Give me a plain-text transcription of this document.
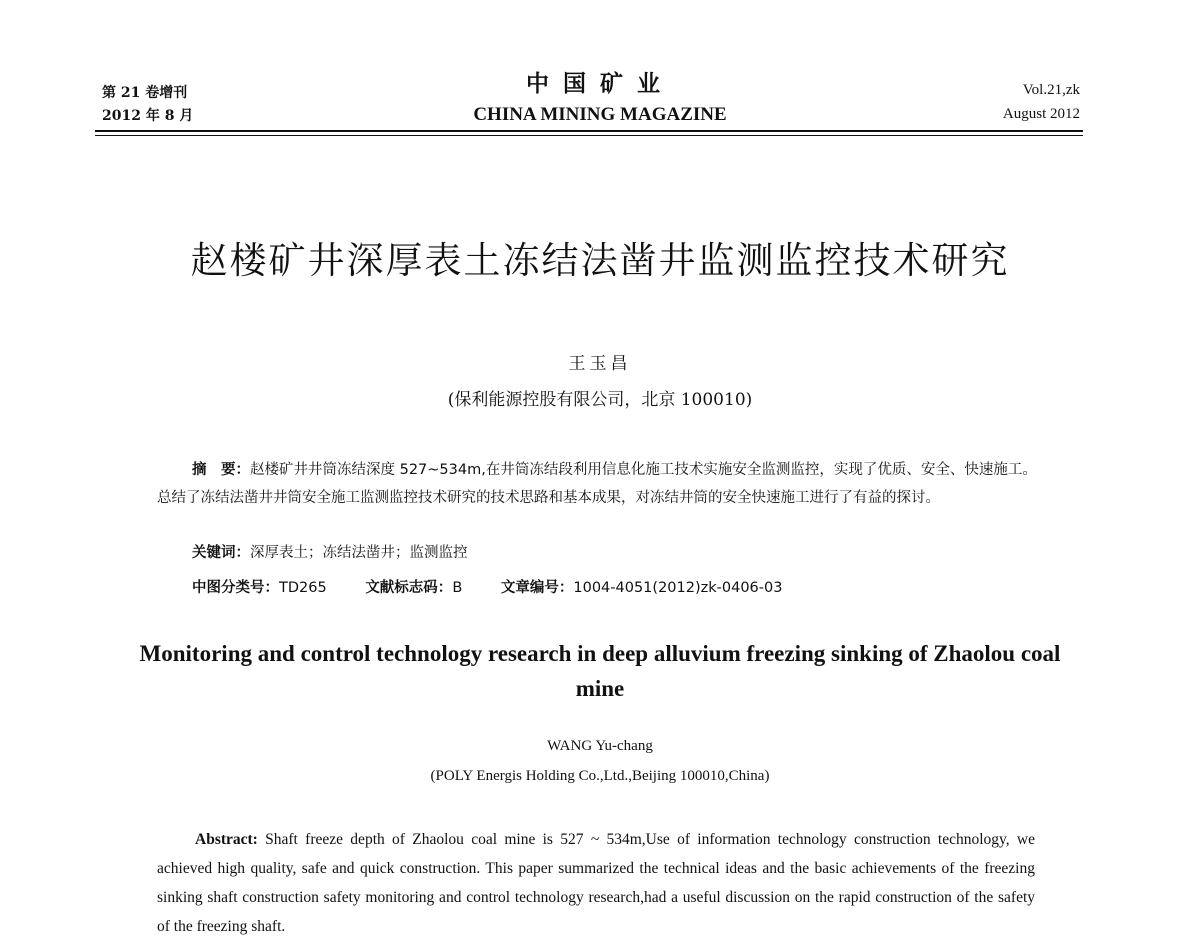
第 21 卷增刊
2012 年 8 月
中国矿业
CHINA MINING MAGAZINE
Vol.21,zk
August 2012
赵楼矿井深厚表土冻结法凿井监测监控技术研究
王玉昌
(保利能源控股有限公司，北京 100010)
摘　要：赵楼矿井井筒冻结深度 527~534m,在井筒冻结段利用信息化施工技术实施安全监测监控，实现了优质、安全、快速施工。总结了冻结法凿井井筒安全施工监测监控技术研究的技术思路和基本成果，对冻结井筒的安全快速施工进行了有益的探讨。
关键词：深厚表土；冻结法凿井；监测监控
中图分类号：TD265	文献标志码：B	文章编号：1004-4051(2012)zk-0406-03
Monitoring and control technology research in deep alluvium freezing sinking of Zhaolou coal mine
WANG Yu-chang
(POLY Energis Holding Co.,Ltd.,Beijing 100010,China)
Abstract: Shaft freeze depth of Zhaolou coal mine is 527 ~ 534m,Use of information technology construction technology, we achieved high quality, safe and quick construction. This paper summarized the technical ideas and the basic achievements of the freezing sinking shaft construction safety monitoring and control technology research,had a useful discussion on the rapid construction of the safety of the freezing shaft.
